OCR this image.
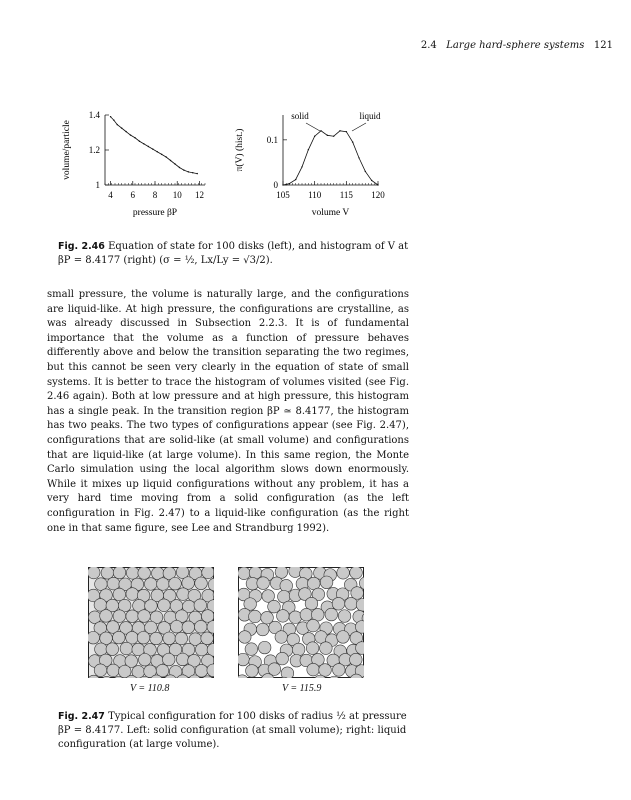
2.4 Large hard-sphere systems 121
4 6 8 10 12
1
1.2
1.4
pressure βP
volume/particle
105 110 115 120
0
0.1
volume V
π(V) (hist.)
solid	liquid
Fig. 2.46 Equation of state for 100 disks (left), and histogram of V at βP = 8.4177 (right) (σ = ½, Lx/Ly = √3/2).

small pressure, the volume is naturally large, and the configurations are liquid-like. At high pressure, the configurations are crystalline, as was already discussed in Subsection 2.2.3. It is of fundamental importance that the volume as a function of pressure behaves differently above and below the transition separating the two regimes, but this cannot be seen very clearly in the equation of state of small systems. It is better to trace the histogram of volumes visited (see Fig. 2.46 again). Both at low pressure and at high pressure, this histogram has a single peak. In the transition region βP ≃ 8.4177, the histogram has two peaks. The two types of configurations appear (see Fig. 2.47), configurations that are solid-like (at small volume) and configurations that are liquid-like (at large volume). In this same region, the Monte Carlo simulation using the local algorithm slows down enormously. While it mixes up liquid configurations without any problem, it has a very hard time moving from a solid configuration (as the left configuration in Fig. 2.47) to a liquid-like configuration (as the right one in that same figure, see Lee and Strandburg 1992).

V = 110.8	V = 115.9
Fig. 2.47 Typical configuration for 100 disks of radius ½ at pressure βP = 8.4177. Left: solid configuration (at small volume); right: liquid configuration (at large volume).
